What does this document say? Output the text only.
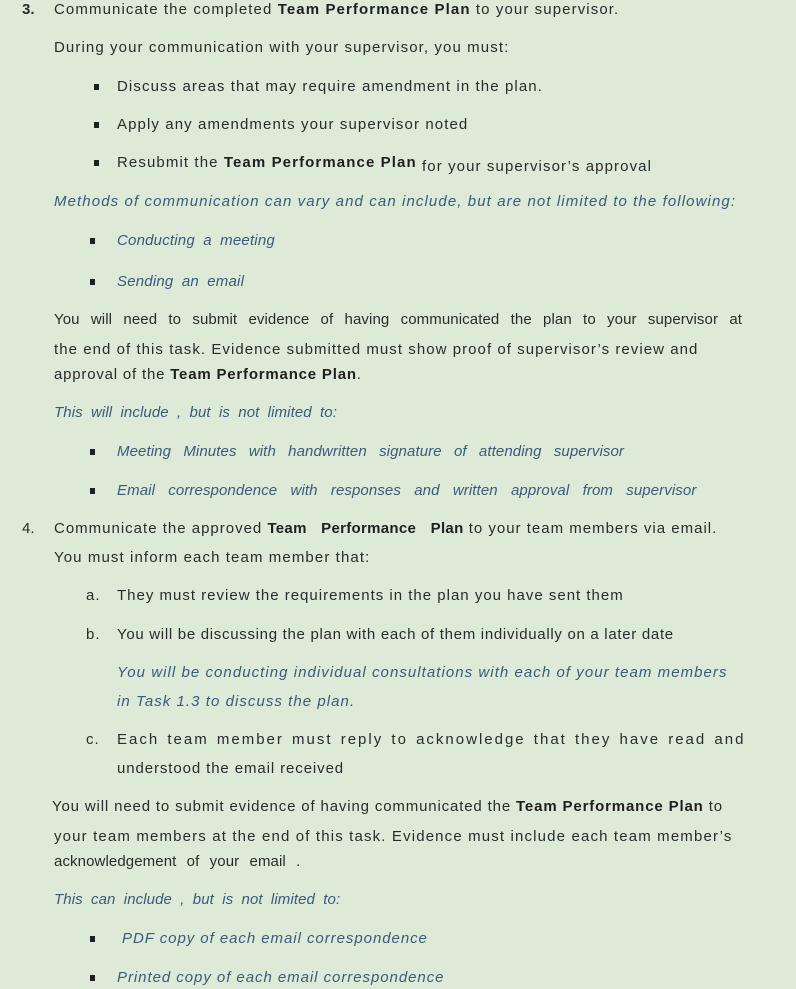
3. Communicate the completed Team Performance Plan to your supervisor.
During your communication with your supervisor, you must:
Discuss areas that may require amendment in the plan.
Apply any amendments your supervisor noted
Resubmit the Team Performance Plan for your supervisor’s approval
Methods of communication can vary and can include, but are not limited to the following:
Conducting a meeting
Sending an email
You will need to submit evidence of having communicated the plan to your supervisor at
the end of this task. Evidence submitted must show proof of supervisor’s review and
approval of the Team Performance Plan.
This will include , but is not limited to:
Meeting Minutes with handwritten signature of attending supervisor
Email correspondence with responses and written approval from supervisor
4. Communicate the approved Team Performance Plan to your team members via email.
You must inform each team member that:
a. They must review the requirements in the plan you have sent them
b. You will be discussing the plan with each of them individually on a later date
You will be conducting individual consultations with each of your team members
in Task 1.3 to discuss the plan.
c. Each team member must reply to acknowledge that they have read and
understood the email received
You will need to submit evidence of having communicated the Team Performance Plan to
your team members at the end of this task. Evidence must include each team member’s
acknowledgement of your email .
This can include , but is not limited to:
PDF copy of each email correspondence
Printed copy of each email correspondence
